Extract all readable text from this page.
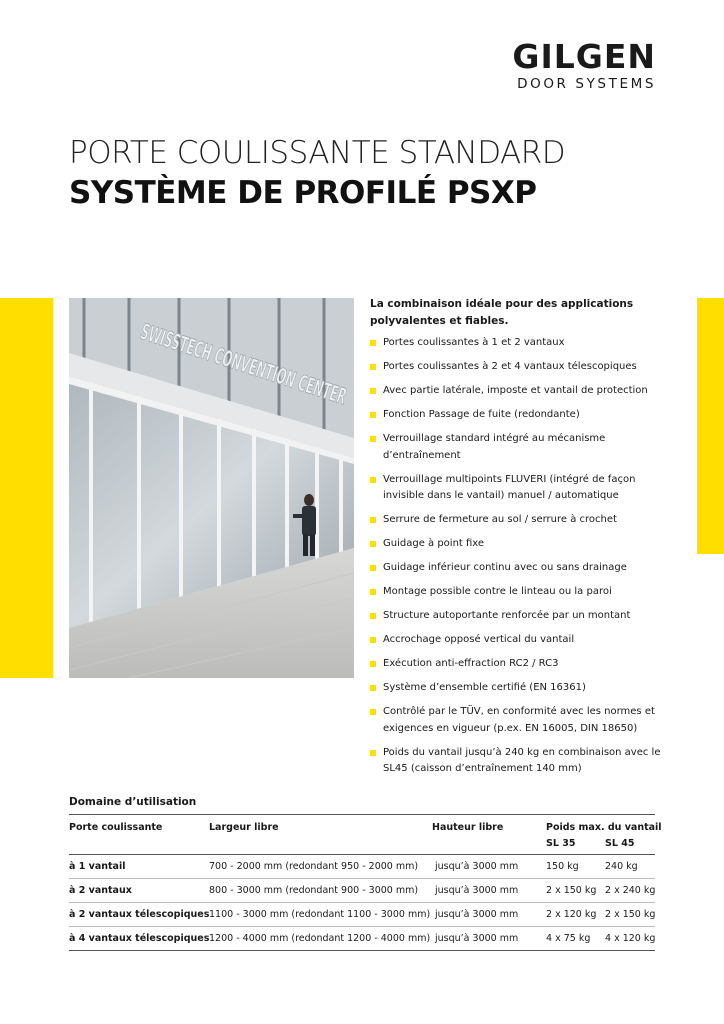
GILGEN
DOOR SYSTEMS
PORTE COULISSANTE STANDARD
SYSTÈME DE PROFILÉ PSXP
La combinaison idéale pour des applications polyvalentes et fiables.
Portes coulissantes à 1 et 2 vantaux
Portes coulissantes à 2 et 4 vantaux télescopiques
Avec partie latérale, imposte et vantail de protection
Fonction Passage de fuite (redondante)
Verrouillage standard intégré au mécanisme d’entraînement
Verrouillage multipoints FLUVERI (intégré de façon invisible dans le vantail) manuel / automatique
Serrure de fermeture au sol / serrure à crochet
Guidage à point fixe
Guidage inférieur continu avec ou sans drainage
Montage possible contre le linteau ou la paroi
Structure autoportante renforcée par un montant
Accrochage opposé vertical du vantail
Exécution anti-effraction RC2 / RC3
Système d’ensemble certifié (EN 16361)
Contrôlé par le TÜV, en conformité avec les normes et exigences en vigueur (p.ex. EN 16005, DIN 18650)
Poids du vantail jusqu’à 240 kg en combinaison avec le SL45 (caisson d’entraînement 140 mm)
Domaine d’utilisation
Porte coulissante	Largeur libre	Hauteur libre	Poids max. du vantail
SL 35	SL 45
à 1 vantail	700 - 2000 mm (redondant 950 - 2000 mm) jusqu’à 3000 mm	150 kg	240 kg
à 2 vantaux	800 - 3000 mm (redondant 900 - 3000 mm) jusqu’à 3000 mm	2 x 150 kg 2 x 240 kg
à 2 vantaux télescopiques 1100 - 3000 mm (redondant 1100 - 3000 mm) jusqu’à 3000 mm	2 x 120 kg 2 x 150 kg
à 4 vantaux télescopiques 1200 - 4000 mm (redondant 1200 - 4000 mm) jusqu’à 3000 mm	4 x 75 kg 4 x 120 kg
